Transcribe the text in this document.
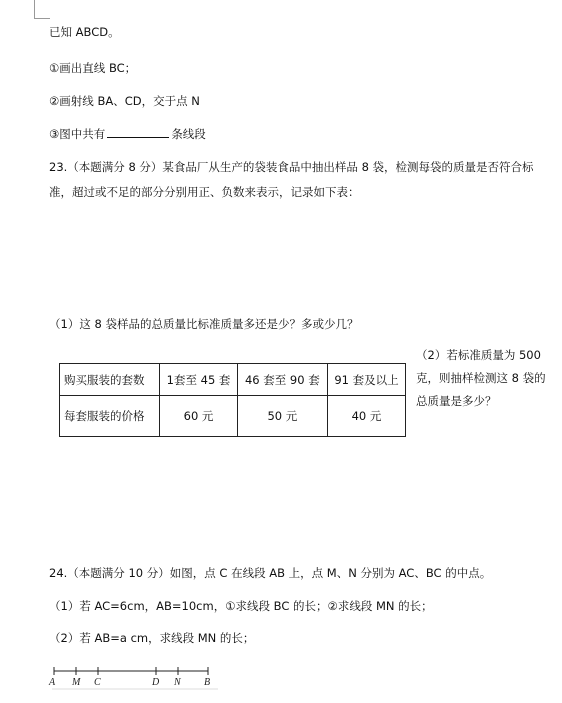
已知 ABCD。
①画出直线 BC；
②画射线 BA、CD，交于点 N
③图中共有	条线段
23.（本题满分 8 分）某食品厂从生产的袋装食品中抽出样品 8 袋，检测每袋的质量是否符合标
准，超过或不足的部分分别用正、负数来表示，记录如下表：
（1）这 8 袋样品的总质量比标准质量多还是少？多或少几？
购买服装的套数	1套至 45 套	46 套至 90 套	91 套及以上
每套服装的价格	60 元	50 元	40 元
（2）若标准质量为 500
克，则抽样检测这 8 袋的
总质量是多少？
24.（本题满分 10 分）如图，点 C 在线段 AB 上，点 M、N 分别为 AC、BC 的中点。
（1）若 AC=6cm，AB=10cm，①求线段 BC 的长；②求线段 MN 的长；
（2）若 AB=a cm，求线段 MN 的长；
A M C	D N B
